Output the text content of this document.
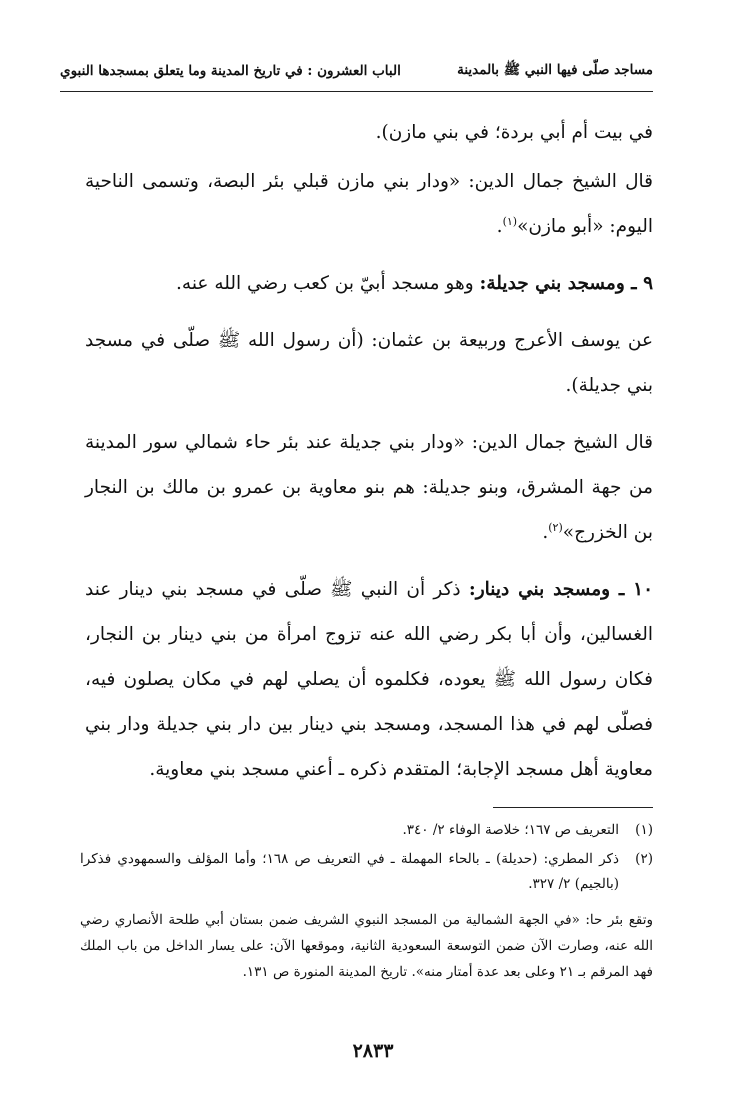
مساجد صلّى فيها النبي ﷺ بالمدينة
الباب العشرون : في تاريخ المدينة وما يتعلق بمسجدها النبوي

في بيت أم أبي بردة؛ في بني مازن).

قال الشيخ جمال الدين: «ودار بني مازن قبلي بئر البصة، وتسمى الناحية اليوم: «أبو مازن»$^{(١)}$.

٩ ـ ومسجد بني جديلة: وهو مسجد أبيّ بن كعب رضي الله عنه.

عن يوسف الأعرج وربيعة بن عثمان: (أن رسول الله ﷺ صلّى في مسجد بني جديلة).

قال الشيخ جمال الدين: «ودار بني جديلة عند بئر حاء شمالي سور المدينة من جهة المشرق، وبنو جديلة: هم بنو معاوية بن عمرو بن مالك بن النجار بن الخزرج»$^{(٢)}$.

١٠ ـ ومسجد بني دينار: ذكر أن النبي ﷺ صلّى في مسجد بني دينار عند الغسالين، وأن أبا بكر رضي الله عنه تزوج امرأة من بني دينار بن النجار، فكان رسول الله ﷺ يعوده، فكلموه أن يصلي لهم في مكان يصلون فيه، فصلّى لهم في هذا المسجد، ومسجد بني دينار بين دار بني جديلة ودار بني معاوية أهل مسجد الإجابة؛ المتقدم ذكره ـ أعني مسجد بني معاوية.

(١)
التعريف ص ١٦٧؛ خلاصة الوفاء ٢/ ٣٤٠.
(٢)
ذكر المطري: (حديلة) ـ بالحاء المهملة ـ في التعريف ص ١٦٨؛ وأما المؤلف والسمهودي فذكرا (بالجيم) ٢/ ٣٢٧.

وتقع بئر حا: «في الجهة الشمالية من المسجد النبوي الشريف ضمن بستان أبي طلحة الأنصاري رضي الله عنه، وصارت الآن ضمن التوسعة السعودية الثانية، وموقعها الآن: على يسار الداخل من باب الملك فهد المرقم بـ ٢١ وعلى بعد عدة أمتار منه». تاريخ المدينة المنورة ص ١٣١.

٢٨٣٣
